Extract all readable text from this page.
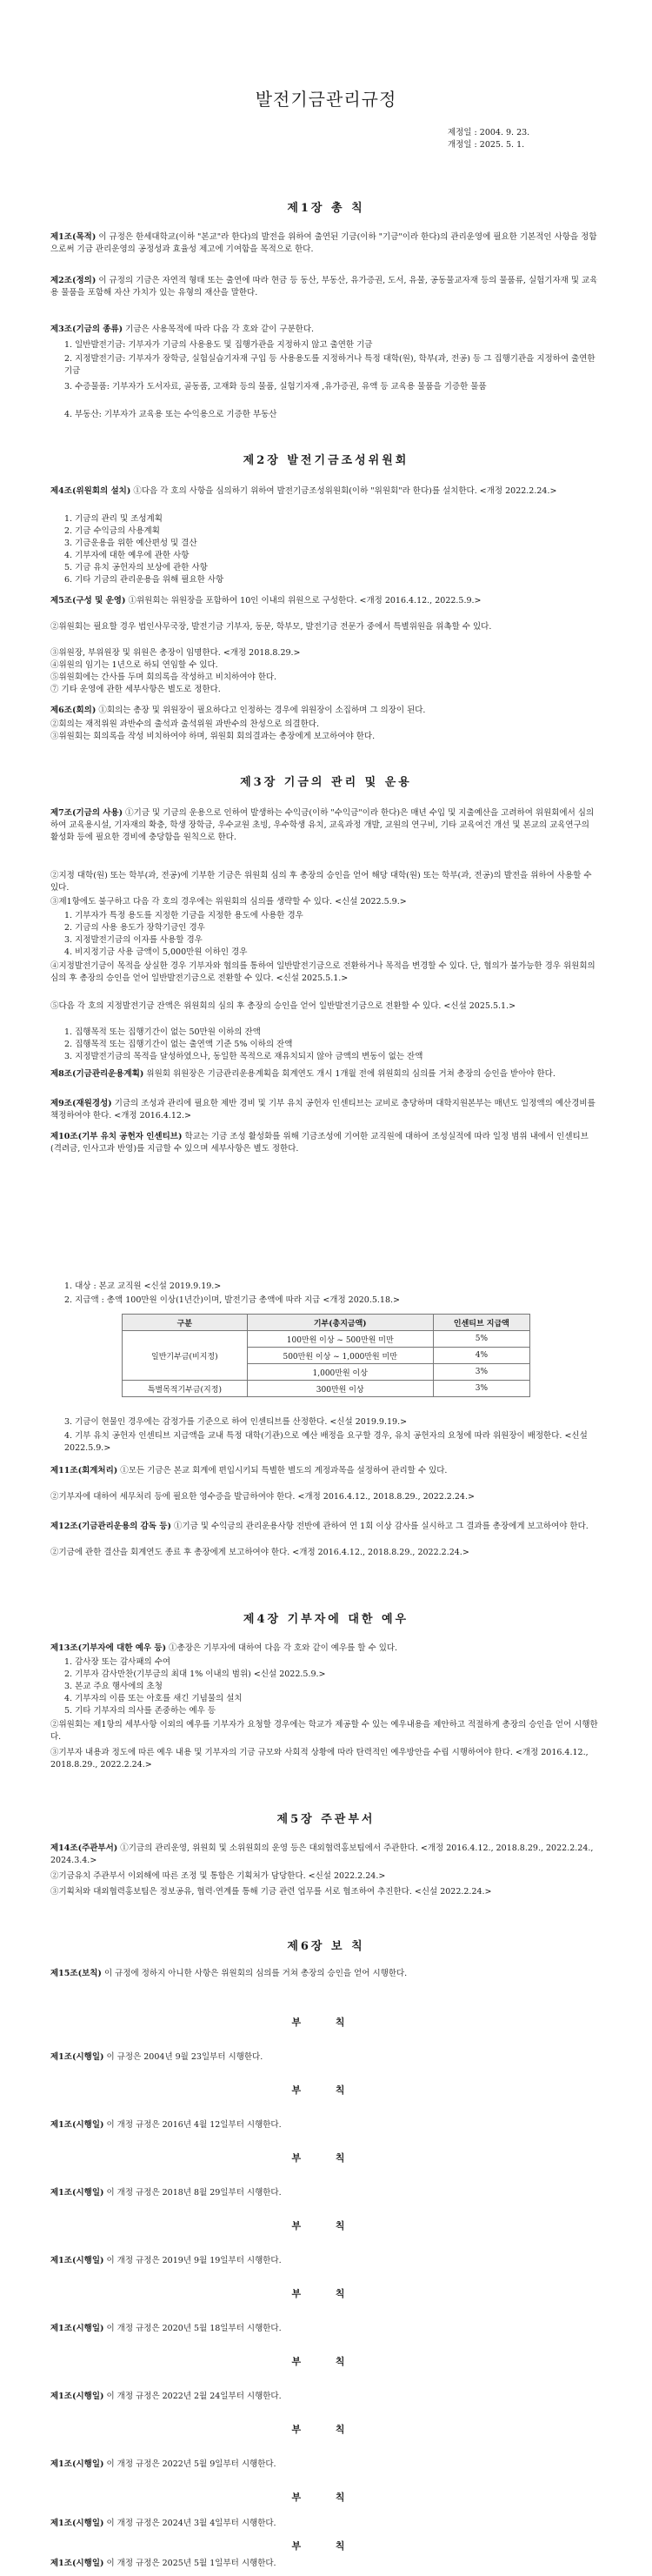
발전기금관리규정
제정일 : 2004. 9. 23.
개정일 : 2025. 5. 1.
제1장 총 칙
제1조(목적) 이 규정은 한세대학교(이하 "본교"라 한다)의 발전을 위하여 출연된 기금(이하 "기금"이라 한다)의 관리운영에 필요한 기본적인 사항을 정함으로써 기금 관리운영의 공정성과 효율성 제고에 기여함을 목적으로 한다.
제2조(정의) 이 규정의 기금은 자연적 형태 또는 출연에 따라 현금 등 동산, 부동산, 유가증권, 도서, 유물, 공동물교자재 등의 물품류, 실험기자재 및 교육용 물품을 포함해 자산 가치가 있는 유형의 재산을 말한다.
제3조(기금의 종류) 기금은 사용목적에 따라 다음 각 호와 같이 구분한다.
1. 일반발전기금: 기부자가 기금의 사용용도 및 집행가관을 지정하지 않고 출연한 기금
2. 지정발전기금: 기부자가 장학금, 실험실습기자재 구입 등 사용용도를 지정하거나 특정 대학(원), 학부(과, 전공) 등 그 집행기관을 지정하여 출연한 기금
3. 수증물품: 기부자가 도서자료, 골동품, 고재화 등의 물품, 실험기자재 ,유가증권, 유액 등 교육용 물품을 기증한 물품
4. 부동산: 기부자가 교육용 또는 수익용으로 기증한 부동산
제2장 발전기금조성위원회
제4조(위원회의 설치) ①다음 각 호의 사항을 심의하기 위하여 발전기금조성위원회(이하 "위원회"라 한다)를 설치한다. <개정 2022.2.24.>
1. 기금의 관리 및 조성계획
2. 기금 수익금의 사용계획
3. 기금운용을 위한 예산편성 및 결산
4. 기부자에 대한 예우에 관한 사항
5. 기금 유치 공헌자의 보상에 관한 사항
6. 기타 기금의 관리운용을 위해 필요한 사항
제5조(구성 및 운영) ①위원회는 위원장을 포함하여 10인 이내의 위원으로 구성한다. <개정 2016.4.12., 2022.5.9.>
②위원회는 필요할 경우 법인사무국장, 발전기금 기부자, 동문, 학부모, 발전기금 전문가 중에서 특별위원을 위촉할 수 있다.
③위원장, 부위원장 및 위원은 총장이 임명한다. <개정 2018.8.29.>
④위원의 임기는 1년으로 하되 연임할 수 있다.
⑤위원회에는 간사를 두며 회의록을 작성하고 비치하여야 한다.
⑦ 기타 운영에 관한 세부사항은 별도로 정한다.
제6조(회의) ①회의는 총장 및 위원장이 필요하다고 인정하는 경우에 위원장이 소집하며 그 의장이 된다.
②회의는 재적위원 과반수의 출석과 출석위원 과반수의 찬성으로 의결한다.
③위원회는 회의록을 작성 비치하여야 하며, 위원회 회의결과는 총장에게 보고하여야 한다.
제3장 기금의 관리 및 운용
제7조(기금의 사용) ①기금 및 기금의 운용으로 인하여 발생하는 수익금(이하 "수익금"이라 한다)은 매년 수입 및 지출예산을 고려하여 위원회에서 심의하여 교육용시설, 기자재의 확충, 학생 장학금, 우수교원 초빙, 우수학생 유치, 교육과정 개발, 교원의 연구비, 기타 교육여건 개선 및 본교의 교육연구의 활성화 등에 필요한 경비에 충당함을 원칙으로 한다.
②지정 대학(원) 또는 학부(과, 전공)에 기부한 기금은 위원회 심의 후 총장의 승인을 얻어 해당 대학(원) 또는 학부(과, 전공)의 발전을 위하여 사용할 수 있다.
③제1항에도 불구하고 다음 각 호의 경우에는 위원회의 심의를 생략할 수 있다. <신설 2022.5.9.>
1. 기부자가 특정 용도를 지정한 기금을 지정한 용도에 사용한 경우
2. 기금의 사용 용도가 장학기금인 경우
3. 지정발전기금의 이자를 사용할 경우
4. 비지정기금 사용 금액이 5,000만원 이하인 경우
④지정발전기금이 목적을 상실한 경우 기부자와 협의를 통하여 일반발전기금으로 전환하거나 목적을 변경할 수 있다. 단, 협의가 불가능한 경우 위원회의 심의 후 총장의 승인을 얻어 일반발전기금으로 전환할 수 있다. <신설 2025.5.1.>
⑤다음 각 호의 지정발전기금 잔액은 위원회의 심의 후 총장의 승인을 얻어 일반발전기금으로 전환할 수 있다. <신설 2025.5.1.>
1. 집행목적 또는 집행기간이 없는 50만원 이하의 잔액
2. 집행목적 또는 집행기간이 없는 출연액 기준 5% 이하의 잔액
3. 지정발전기금의 목적을 달성하였으나, 동일한 목적으로 재유치되지 않아 금액의 변동이 없는 잔액
제8조(기금관리운용계획) 위원회 위원장은 기금관리운용계획을 회계연도 개시 1개월 전에 위원회의 심의를 거쳐 총장의 승인을 받아야 한다.
제9조(재원경성) 기금의 조성과 관리에 필요한 제반 경비 및 기부 유치 공헌자 인센티브는 교비로 충당하며 대학지원본부는 매년도 일정액의 예산경비를 책정하여야 한다. <개정 2016.4.12.>
제10조(기부 유치 공헌자 인센티브) 학교는 기금 조성 활성화를 위해 기금조성에 기여한 교직원에 대하여 조성실적에 따라 일정 범위 내에서 인센티브(격려금, 인사고과 반영)를 지급할 수 있으며 세부사항은 별도 정한다.
1. 대상 : 본교 교직원 <신설 2019.9.19.>
2. 지급액 : 총액 100만원 이상(1년간)이며, 발전기금 총액에 따라 지급 <개정 2020.5.18.>
구분	기부(총지금액)	인센티브 지급액
일반기부금(비지정)	100만원 이상 ~ 500만원 미만	5%
	500만원 이상 ~ 1,000만원 미만	4%
	1,000만원 이상	3%
특별목적기부금(지정)	300만원 이상	3%
3. 기금이 현물인 경우에는 감정가를 기준으로 하여 인센티브를 산정한다. <신설 2019.9.19.>
4. 기부 유치 공헌자 인센티브 지급액을 교내 특정 대학(기관)으로 예산 배정을 요구할 경우, 유치 공헌자의 요청에 따라 위원장이 배정한다. <신설 2022.5.9.>
제11조(회계처리) ①모든 기금은 본교 회계에 편입시키되 특별한 별도의 계정과목을 설정하여 관리할 수 있다.
②기부자에 대하여 세무처리 등에 필요한 영수증을 발급하여야 한다. <개정 2016.4.12., 2018.8.29., 2022.2.24.>
제12조(기금관리운용의 감독 등) ①기금 및 수익금의 관리운용사항 전반에 관하여 연 1회 이상 감사를 실시하고 그 결과를 총장에게 보고하여야 한다.
②기금에 관한 결산을 회계연도 종료 후 총장에게 보고하여야 한다. <개정 2016.4.12., 2018.8.29., 2022.2.24.>
제4장 기부자에 대한 예우
제13조(기부자에 대한 예우 등) ①총장은 기부자에 대하여 다음 각 호와 같이 예우를 할 수 있다.
1. 감사장 또는 감사패의 수여
2. 기부자 감사만찬(기부금의 최대 1% 이내의 범위) <신설 2022.5.9.>
3. 본교 주요 행사에의 초청
4. 기부자의 이름 또는 아호를 새긴 기념물의 설치
5. 기타 기부자의 의사를 존중하는 예우 등
②위원회는 제1항의 세부사항 이외의 예우를 기부자가 요청할 경우에는 학교가 제공할 수 있는 예우내용을 제안하고 적절하게 총장의 승인을 얻어 시행한다.
③기부자 내용과 정도에 따른 예우 내용 및 기부자의 기금 규모와 사회적 상황에 따라 탄력적인 예우방안을 수립 시행하여야 한다. <개정 2016.4.12., 2018.8.29., 2022.2.24.>
제5장 주관부서
제14조(주관부서) ①기금의 관리운영, 위원회 및 소위원회의 운영 등은 대외협력홍보팀에서 주관한다. <개정 2016.4.12., 2018.8.29., 2022.2.24., 2024.3.4.>
②기금유치 주관부서 이외해에 따른 조정 및 통합은 기획처가 담당한다. <신설 2022.2.24.>
③기획처와 대외협력홍보팀은 정보공유, 협력·연계를 통해 기금 관련 업무를 서로 협조하여 추진한다. <신설 2022.2.24.>
제6장 보 칙
제15조(보칙) 이 규정에 정하지 아니한 사항은 위원회의 심의를 거쳐 총장의 승인을 얻어 시행한다.
부 칙
제1조(시행일) 이 규정은 2004년 9월 23일부터 시행한다.
부 칙
제1조(시행일) 이 개정 규정은 2016년 4월 12일부터 시행한다.
부 칙
제1조(시행일) 이 개정 규정은 2018년 8월 29일부터 시행한다.
부 칙
제1조(시행일) 이 개정 규정은 2019년 9월 19일부터 시행한다.
부 칙
제1조(시행일) 이 개정 규정은 2020년 5월 18일부터 시행한다.
부 칙
제1조(시행일) 이 개정 규정은 2022년 2월 24일부터 시행한다.
부 칙
제1조(시행일) 이 개정 규정은 2022년 5월 9일부터 시행한다.
부 칙
제1조(시행일) 이 개정 규정은 2024년 3월 4일부터 시행한다.
부 칙
제1조(시행일) 이 개정 규정은 2025년 5월 1일부터 시행한다.
